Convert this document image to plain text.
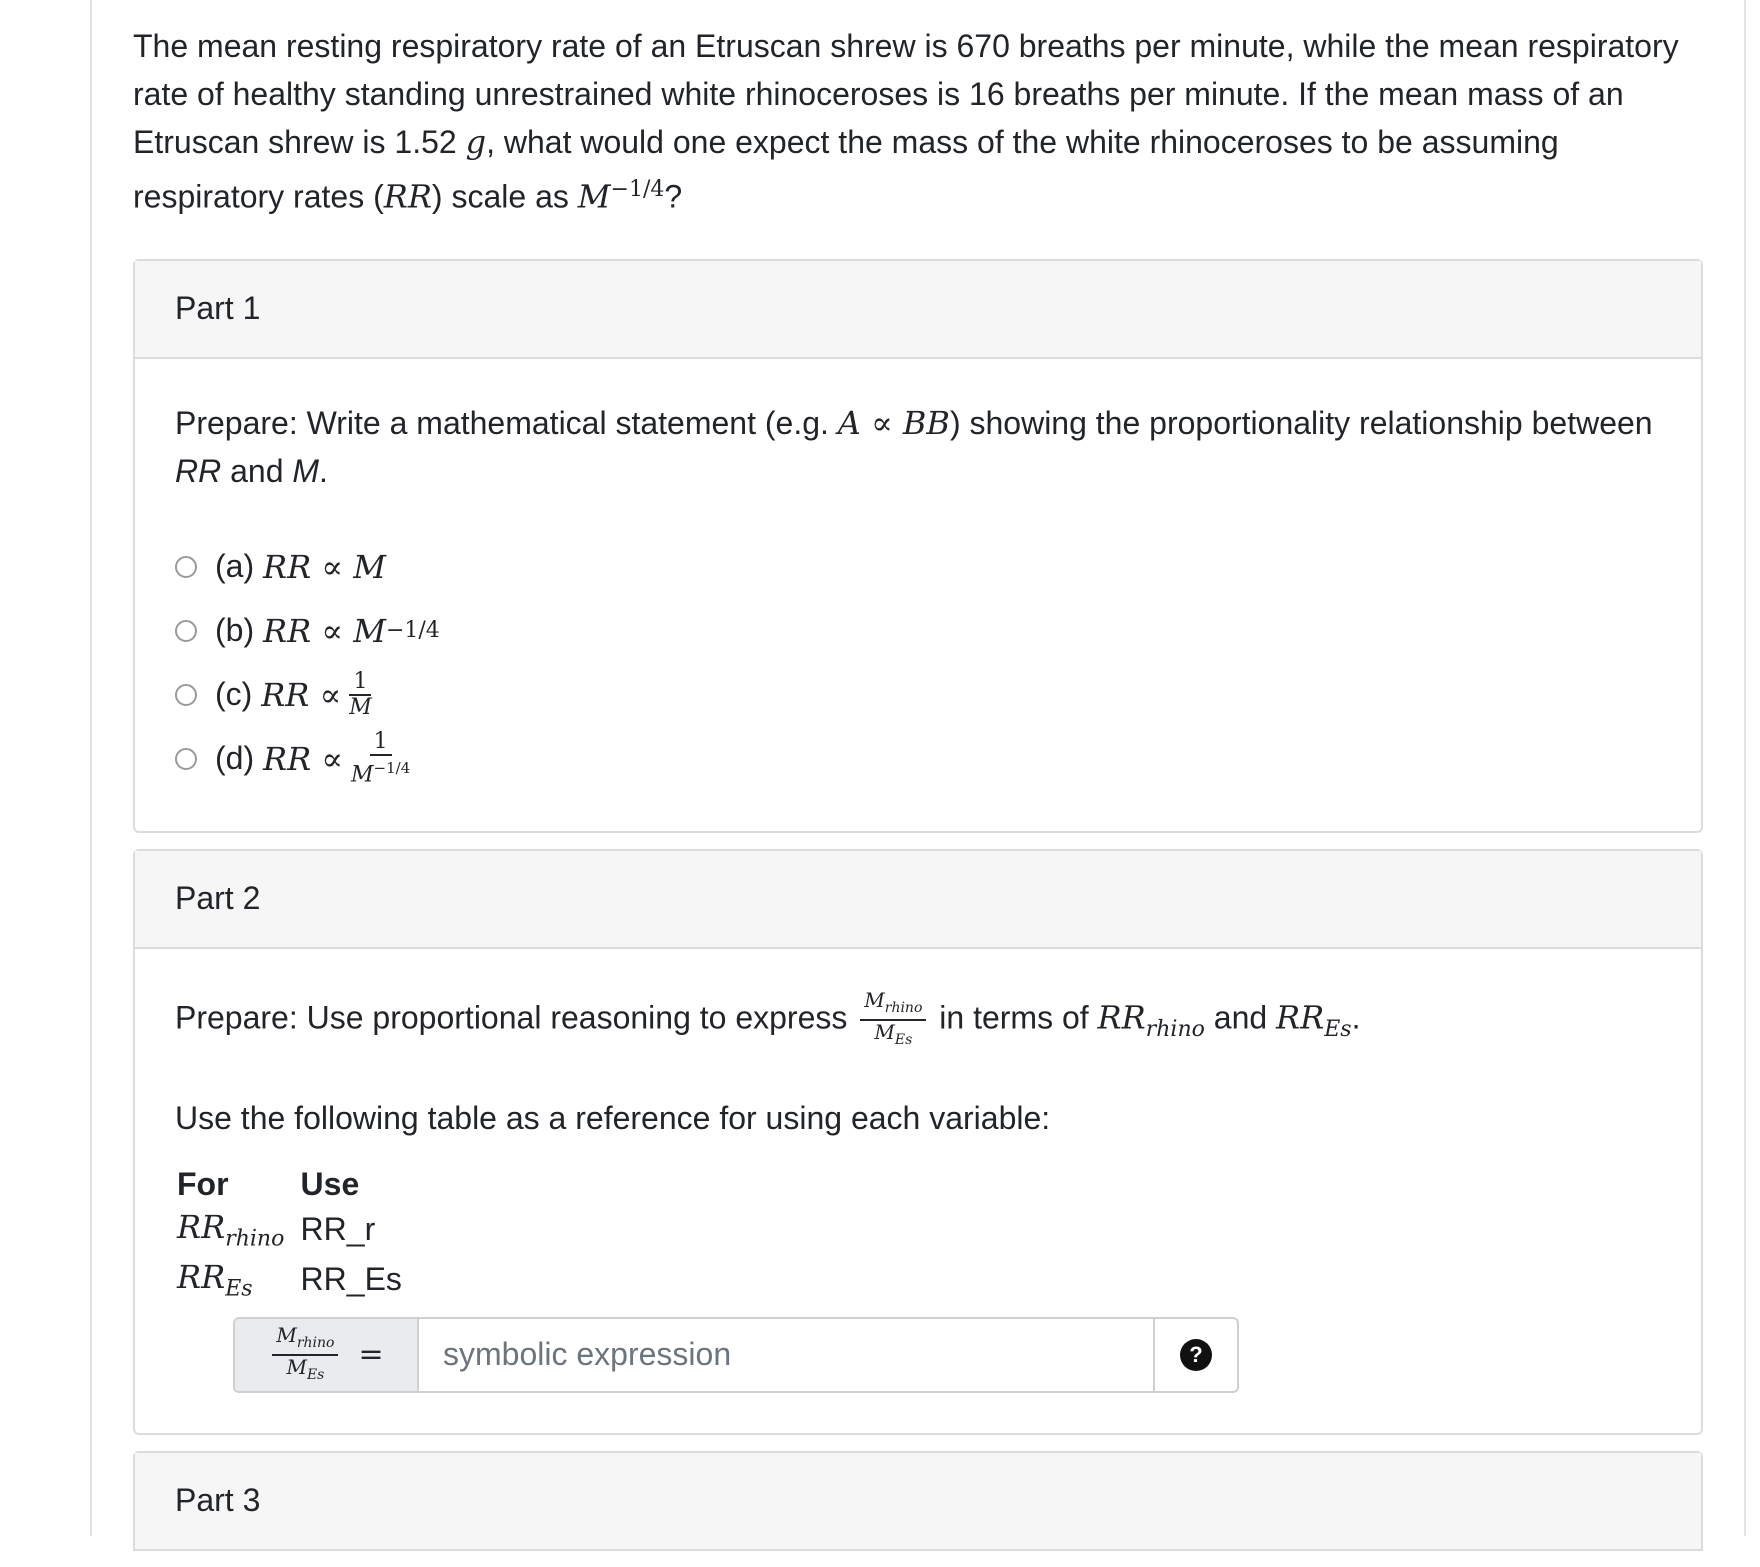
The mean resting respiratory rate of an Etruscan shrew is 670 breaths per minute, while the mean respiratory rate of healthy standing unrestrained white rhinoceroses is 16 breaths per minute. If the mean mass of an Etruscan shrew is 1.52 g, what would one expect the mass of the white rhinoceroses to be assuming respiratory rates (RR) scale as $M^{-1/4}$?

Part 1

Prepare: Write a mathematical statement (e.g. A ∝ BB) showing the proportionality relationship between RR and M.

(a)
RR ∝ M
(b)
RR ∝ M −1/4
(c)
RR ∝ $\frac{1}{M}$
(d)
RR ∝ $\frac{1}{M^{-1/4}}$
Part 2

Prepare: Use proportional reasoning to express $\frac{M_{rhino}}{M_{Es}}$ in terms of $RR_{rhino}$ and $RR_{Es}$.

Use the following table as a reference for using each variable:

For	Use
$RR_{rhino}$	RR_r
$RR_{Es}$	RR_Es
$\frac{M_{rhino}}{M_{Es}}$ =
symbolic expression	?
Part 3
